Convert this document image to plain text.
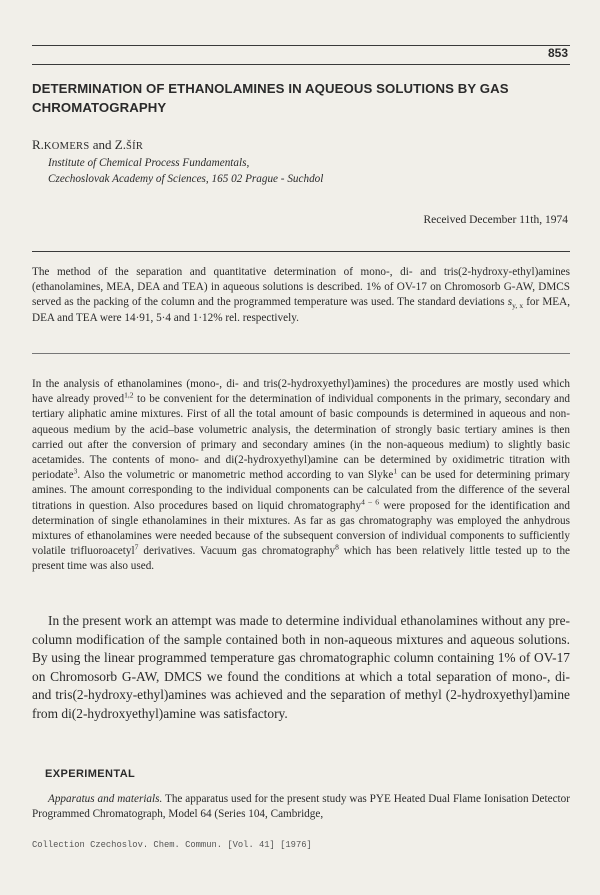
853
DETERMINATION OF ETHANOLAMINES IN AQUEOUS SOLUTIONS BY GAS CHROMATOGRAPHY
R.KOMERS and Z.ŠÍR
Institute of Chemical Process Fundamentals,
Czechoslovak Academy of Sciences, 165 02 Prague - Suchdol
Received December 11th, 1974

The method of the separation and quantitative determination of mono-, di- and tris(2-hydroxy-ethyl)amines (ethanolamines, MEA, DEA and TEA) in aqueous solutions is described. 1% of OV-17 on Chromosorb G-AW, DMCS served as the packing of the column and the programmed temperature was used. The standard deviations $s_{y, x}$ for MEA, DEA and TEA were 14·91, 5·4 and 1·12% rel. respectively.

In the analysis of ethanolamines (mono-, di- and tris(2-hydroxyethyl)amines) the procedures are mostly used which have already proved$^{1,2}$ to be convenient for the determination of individual components in the primary, secondary and tertiary aliphatic amine mixtures. First of all the total amount of basic compounds is determined in aqueous and non-aqueous medium by the acid–base volumetric analysis, the determination of strongly basic tertiary amines is then carried out after the conversion of primary and secondary amines (in the non-aqueous medium) to slightly basic acetamides. The contents of mono- and di(2-hydroxyethyl)amine can be determined by oxidimetric titration with periodate$^3$. Also the volumetric or manometric method according to van Slyke$^1$ can be used for determining primary amines. The amount corresponding to the individual components can be calculated from the difference of the several titrations in question. Also procedures based on liquid chromatography$^{4 - 6}$ were proposed for the identification and determination of single ethanolamines in their mixtures. As far as gas chromatography was employed the anhydrous mixtures of ethanolamines were needed because of the subsequent conversion of individual components to sufficiently volatile trifluoroacetyl$^7$ derivatives. Vacuum gas chromatography$^8$ which has been relatively little tested up to the present time was also used.

In the present work an attempt was made to determine individual ethanolamines without any pre-column modification of the sample contained both in non-aqueous mixtures and aqueous solutions. By using the linear programmed temperature gas chromatographic column containing 1% of OV-17 on Chromosorb G-AW, DMCS we found the conditions at which a total separation of mono-, di- and tris(2-hydroxy-ethyl)amines was achieved and the separation of methyl (2-hydroxyethyl)amine from di(2-hydroxyethyl)amine was satisfactory.

EXPERIMENTAL

Apparatus and materials. The apparatus used for the present study was PYE Heated Dual Flame Ionisation Detector Programmed Chromatograph, Model 64 (Series 104, Cambridge,

Collection Czechoslov. Chem. Commun. [Vol. 41] [1976]
